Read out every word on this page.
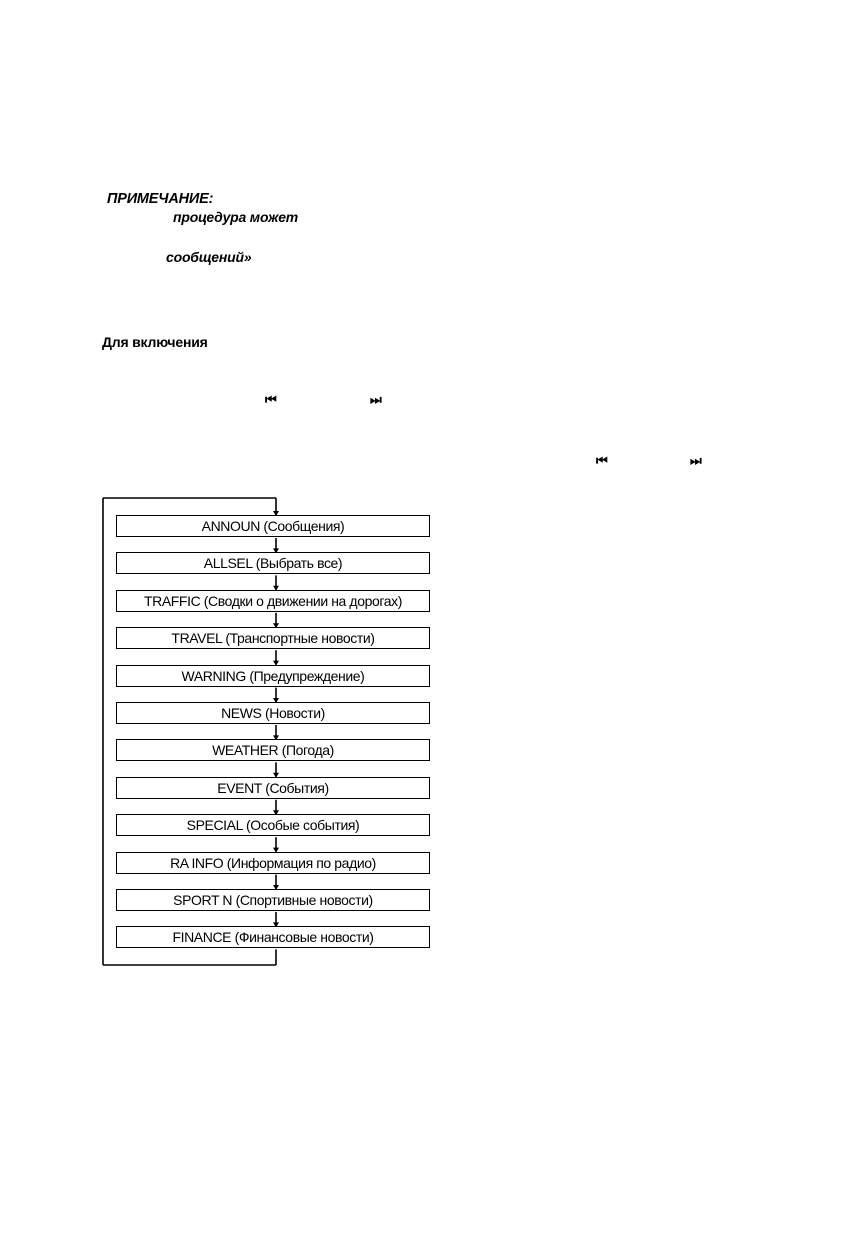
ПРИМЕЧАНИЕ:
процедура может
сообщений»
Для включения
⏮	⏭
⏮	⏭
ANNOUN (Сообщения)
ALLSEL (Выбрать все)
TRAFFIC (Сводки о движении на дорогах)
TRAVEL (Транспортные новости)
WARNING (Предупреждение)
NEWS (Новости)
WEATHER (Погода)
EVENT (События)
SPECIAL (Особые события)
RA INFO (Информация по радио)
SPORT N (Спортивные новости)
FINANCE (Финансовые новости)
